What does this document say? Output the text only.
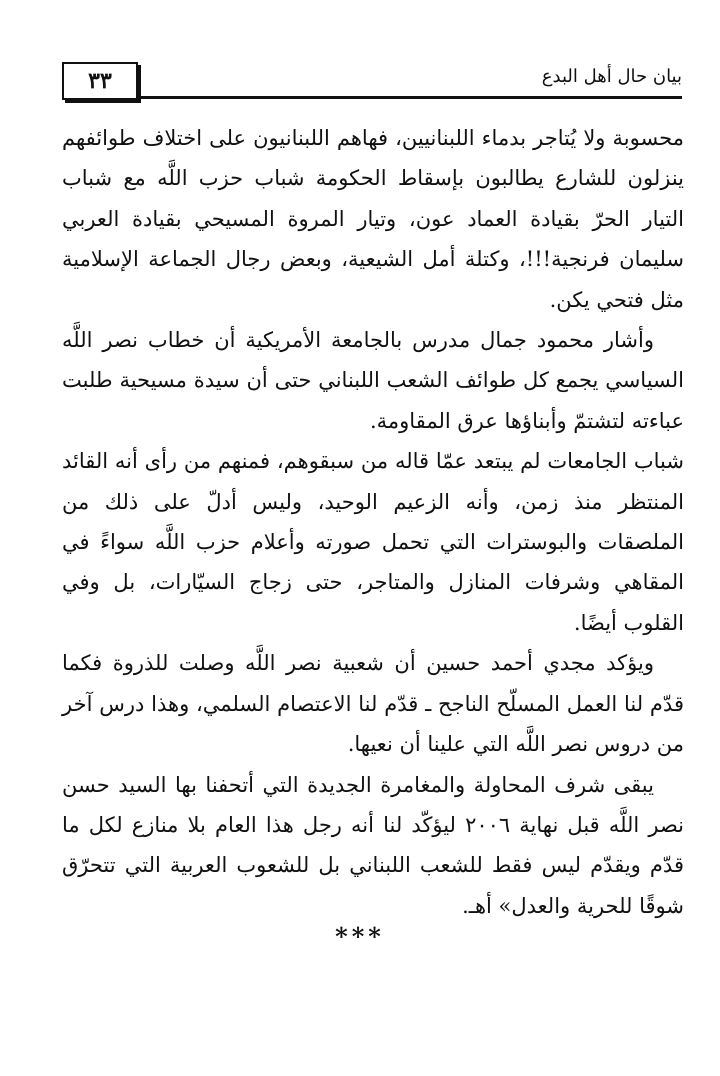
٣٣	بيان حال أهل البدع

محسوبة ولا يُتاجر بدماء اللبنانيين، فهاهم اللبنانيون على اختلاف طوائفهم ينزلون للشارع يطالبون بإسقاط الحكومة شباب حزب اللَّه مع شباب التيار الحرّ بقيادة العماد عون، وتيار المروة المسيحي بقيادة العربي سليمان فرنجية!!!، وكتلة أمل الشيعية، وبعض رجال الجماعة الإسلامية مثل فتحي يكن.

وأشار محمود جمال مدرس بالجامعة الأمريكية أن خطاب نصر اللَّه السياسي يجمع كل طوائف الشعب اللبناني حتى أن سيدة مسيحية طلبت عباءته لتشتمّ وأبناؤها عرق المقاومة.

شباب الجامعات لم يبتعد عمّا قاله من سبقوهم، فمنهم من رأى أنه القائد المنتظر منذ زمن، وأنه الزعيم الوحيد، وليس أدلّ على ذلك من الملصقات والبوسترات التي تحمل صورته وأعلام حزب اللَّه سواءً في المقاهي وشرفات المنازل والمتاجر، حتى زجاج السيّارات، بل وفي القلوب أيضًا.

ويؤكد مجدي أحمد حسين أن شعبية نصر اللَّه وصلت للذروة فكما قدّم لنا العمل المسلّح الناجح ـ قدّم لنا الاعتصام السلمي، وهذا درس آخر من دروس نصر اللَّه التي علينا أن نعيها.

يبقى شرف المحاولة والمغامرة الجديدة التي أتحفنا بها السيد حسن نصر اللَّه قبل نهاية ٢٠٠٦ ليؤكّد لنا أنه رجل هذا العام بلا منازع لكل ما قدّم ويقدّم ليس فقط للشعب اللبناني بل للشعوب العربية التي تتحرّق شوقًا للحرية والعدل» أهـ.

***
